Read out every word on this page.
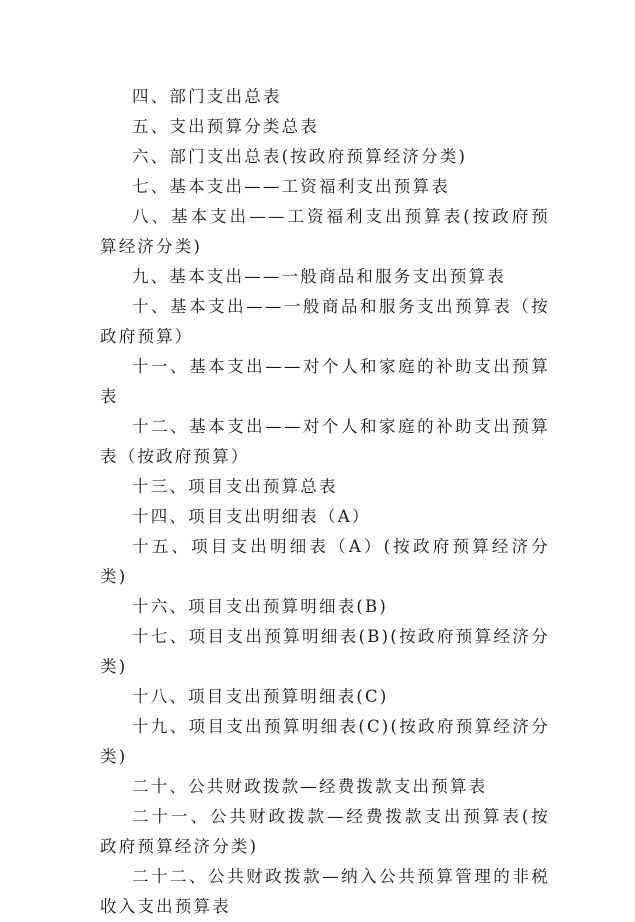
四、部门支出总表
五、支出预算分类总表
六、部门支出总表(按政府预算经济分类)
七、基本支出——工资福利支出预算表
八、基本支出——工资福利支出预算表(按政府预算经济分类)
九、基本支出——一般商品和服务支出预算表
十、基本支出——一般商品和服务支出预算表（按政府预算）
十一、基本支出——对个人和家庭的补助支出预算表
十二、基本支出——对个人和家庭的补助支出预算表（按政府预算）
十三、项目支出预算总表
十四、项目支出明细表（A）
十五、项目支出明细表（A）(按政府预算经济分类)
十六、项目支出预算明细表(B)
十七、项目支出预算明细表(B)(按政府预算经济分类)
十八、项目支出预算明细表(C)
十九、项目支出预算明细表(C)(按政府预算经济分类)
二十、公共财政拨款—经费拨款支出预算表
二十一、公共财政拨款—经费拨款支出预算表(按政府预算经济分类)
二十二、公共财政拨款—纳入公共预算管理的非税收入支出预算表
